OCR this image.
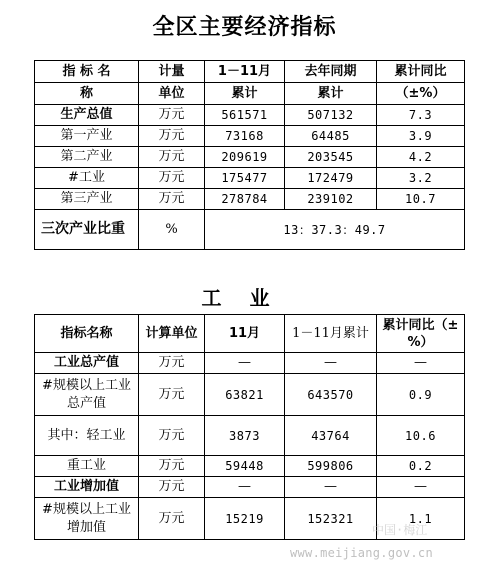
全区主要经济指标
指 标 名	计量	1－11月	去年同期	累计同比
称	单位	累计	累计	（±%）
生产总值	万元	561571	507132	7.3
第一产业	万元	73168	64485	3.9
第二产业	万元	209619	203545	4.2
#工业	万元	175477	172479	3.2
第三产业	万元	278784	239102	10.7
三次产业比重	%	13：37.3：49.7		
工业
指标名称	计算单位	11月	1－11月累计	累计同比（±%）
工业总产值	万元	—	—	—
#规模以上工业总产值	万元	63821	643570	0.9
其中：轻工业	万元	3873	43764	10.6
重工业	万元	59448	599806	0.2
工业增加值	万元	—	—	—
#规模以上工业增加值	万元	15219	152321	1.1
中国·梅江
www.meijiang.gov.cn
